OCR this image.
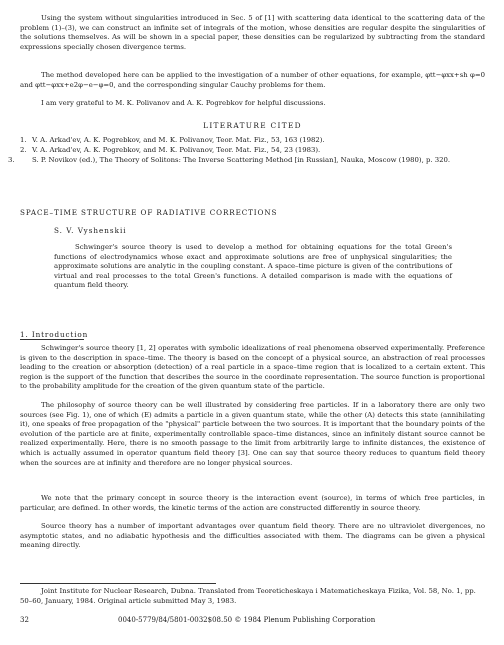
Using the system without singularities introduced in Sec. 5 of [1] with scattering data identical to the scattering data of the problem (1)–(3), we can construct an infinite set of integrals of the motion, whose densities are regular despite the singularities of the solutions themselves. As will be shown in a special paper, these densities can be regularized by subtracting from the standard expressions specially chosen divergence terms.

The method developed here can be applied to the investigation of a number of other equations, for example, φtt−φxx+sh φ=0 and φtt−φxx+e2φ−e−φ=0, and the corresponding singular Cauchy problems for them.

I am very grateful to M. K. Polivanov and A. K. Pogrebkov for helpful discussions.

LITERATURE CITED

1. V. A. Arkad'ev, A. K. Pogrebkov, and M. K. Polivanov, Teor. Mat. Fiz., 53, 163 (1982).
2. V. A. Arkad'ev, A. K. Pogrebkov, and M. K. Polivanov, Teor. Mat. Fiz., 54, 23 (1983).
3.	S. P. Novikov (ed.), The Theory of Solitons: The Inverse Scattering Method [in Russian], Nauka, Moscow (1980), p. 320.
SPACE–TIME STRUCTURE OF RADIATIVE CORRECTIONS
S. V. Vyshenskii

Schwinger's source theory is used to develop a method for obtaining equations for the total Green's functions of electrodynamics whose exact and approximate solutions are free of unphysical singularities; the approximate solutions are analytic in the coupling constant. A space–time picture is given of the contributions of virtual and real processes to the total Green's functions. A detailed comparison is made with the equations of quantum field theory.

1. Introduction

Schwinger's source theory [1, 2] operates with symbolic idealizations of real phenomena observed experimentally. Preference is given to the description in space–time. The theory is based on the concept of a physical source, an abstraction of real processes leading to the creation or absorption (detection) of a real particle in a space–time region that is localized to a certain extent. This region is the support of the function that describes the source in the coordinate representation. The source function is proportional to the probability amplitude for the creation of the given quantum state of the particle.

The philosophy of source theory can be well illustrated by considering free particles. If in a laboratory there are only two sources (see Fig. 1), one of which (E) admits a particle in a given quantum state, while the other (A) detects this state (annihilating it), one speaks of free propagation of the "physical" particle between the two sources. It is important that the boundary points of the evolution of the particle are at finite, experimentally controllable space–time distances, since an infinitely distant source cannot be realized experimentally. Here, there is no smooth passage to the limit from arbitrarily large to infinite distances, the existence of which is actually assumed in operator quantum field theory [3]. One can say that source theory reduces to quantum field theory when the sources are at infinity and therefore are no longer physical sources.

We note that the primary concept in source theory is the interaction event (source), in terms of which free particles, in particular, are defined. In other words, the kinetic terms of the action are constructed differently in source theory.

Source theory has a number of important advantages over quantum field theory. There are no ultraviolet divergences, no asymptotic states, and no adiabatic hypothesis and the difficulties associated with them. The diagrams can be given a physical meaning directly.

Joint Institute for Nuclear Research, Dubna. Translated from Teoreticheskaya i Matematicheskaya Fizika, Vol. 58, No. 1, pp. 50–60, January, 1984. Original article submitted May 3, 1983.

32	0040-5779/84/5801-0032$08.50 © 1984 Plenum Publishing Corporation
